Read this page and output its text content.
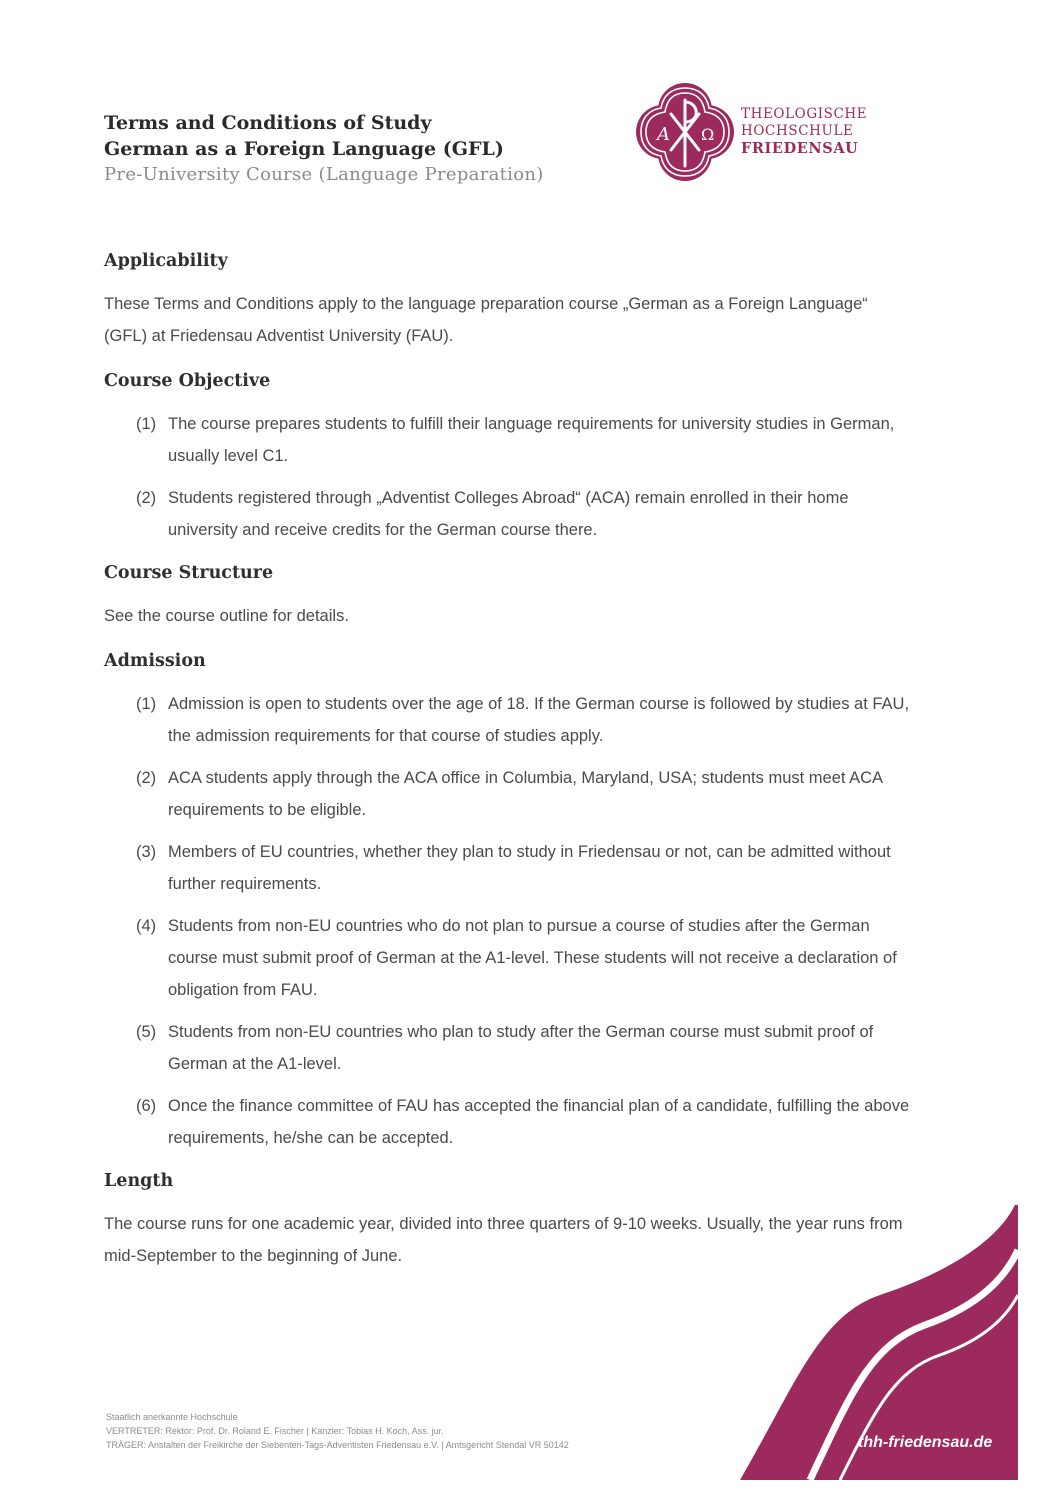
Terms and Conditions of Study
German as a Foreign Language (GFL)
Pre-University Course (Language Preparation)
A Ω
THEOLOGISCHE
HOCHSCHULE
FRIEDENSAU
Applicability

These Terms and Conditions apply to the language preparation course „German as a Foreign Language“ (GFL) at Friedensau Adventist University (FAU).

Course Objective
(1) The course prepares students to fulfill their language requirements for university studies in German, usually level C1.
(2) Students registered through „Adventist Colleges Abroad“ (ACA) remain enrolled in their home university and receive credits for the German course there.
Course Structure

See the course outline for details.

Admission
(1) Admission is open to students over the age of 18. If the German course is followed by studies at FAU, the admission requirements for that course of studies apply.
(2) ACA students apply through the ACA office in Columbia, Maryland, USA; students must meet ACA requirements to be eligible.
(3) Members of EU countries, whether they plan to study in Friedensau or not, can be admitted without further requirements.
(4) Students from non-EU countries who do not plan to pursue a course of studies after the German course must submit proof of German at the A1-level. These students will not receive a declaration of obligation from FAU.
(5) Students from non-EU countries who plan to study after the German course must submit proof of German at the A1-level.
(6) Once the finance committee of FAU has accepted the financial plan of a candidate, fulfilling the above requirements, he/she can be accepted.
Length

The course runs for one academic year, divided into three quarters of 9-10 weeks. Usually, the year runs from mid-September to the beginning of June.

thh-friedensau.de
Staatlich anerkannte Hochschule
VERTRETER: Rektor: Prof. Dr. Roland E. Fischer | Kanzler: Tobias H. Koch, Ass. jur.
TRÄGER: Anstalten der Freikirche der Siebenten-Tags-Adventisten Friedensau e.V. | Amtsgericht Stendal VR 50142
